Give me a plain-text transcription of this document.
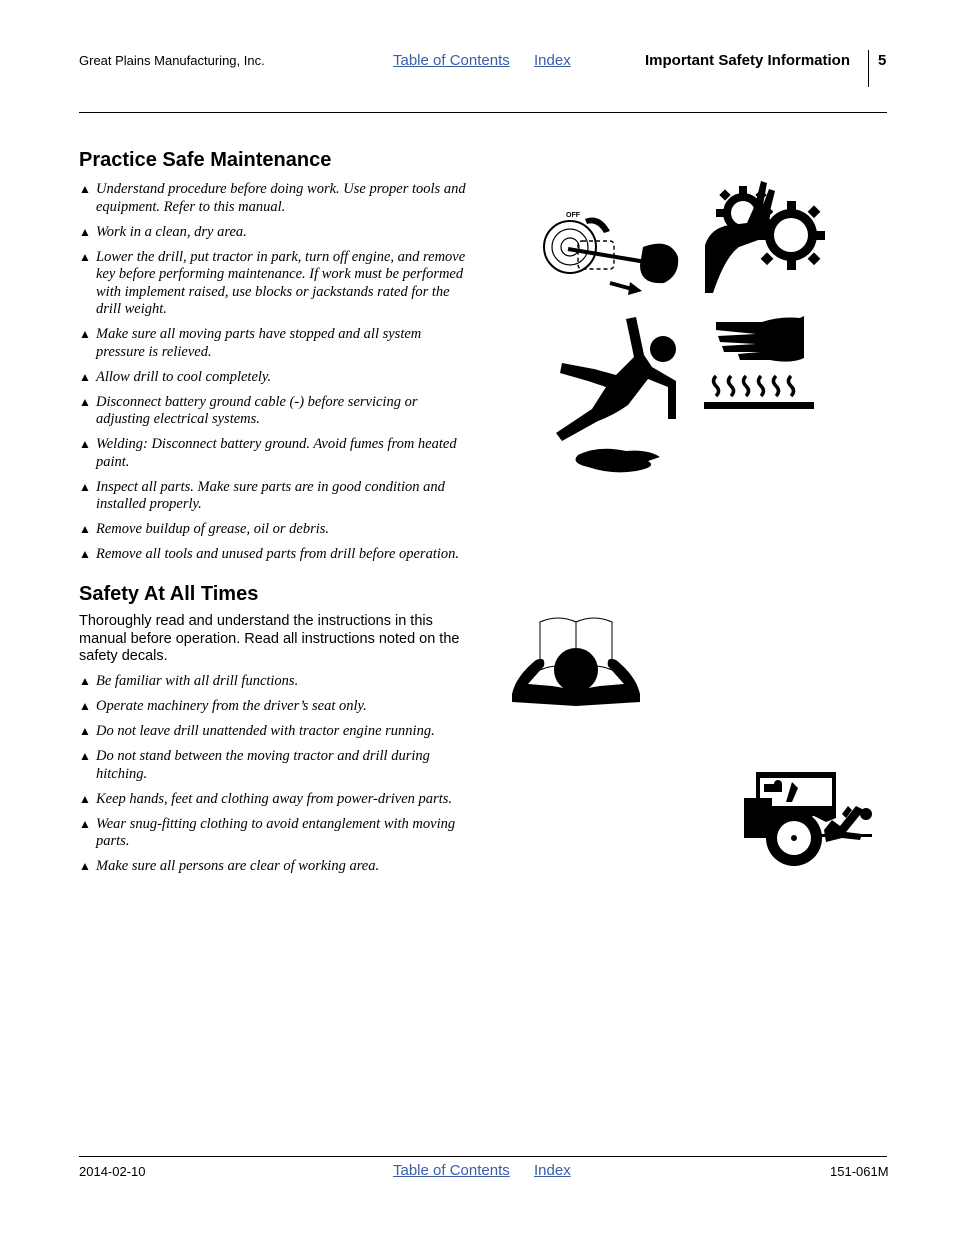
Great Plains Manufacturing, Inc.	Table of Contents Index	Important Safety Information 5
Practice Safe Maintenance
▲ Understand procedure before doing work. Use proper tools and equipment. Refer to this manual.
▲ Work in a clean, dry area.
▲ Lower the drill, put tractor in park, turn off engine, and remove key before performing maintenance. If work must be performed with implement raised, use blocks or jackstands rated for the drill weight.
▲ Make sure all moving parts have stopped and all system pressure is relieved.
▲ Allow drill to cool completely.
▲ Disconnect battery ground cable (-) before servicing or adjusting electrical systems.
▲ Welding: Disconnect battery ground. Avoid fumes from heated paint.
▲ Inspect all parts. Make sure parts are in good condition and installed properly.
▲ Remove buildup of grease, oil or debris.
▲ Remove all tools and unused parts from drill before operation.
Safety At All Times

Thoroughly read and understand the instructions in this manual before operation. Read all instructions noted on the safety decals.

▲ Be familiar with all drill functions.
▲ Operate machinery from the driver’s seat only.
▲ Do not leave drill unattended with tractor engine running.
▲ Do not stand between the moving tractor and drill during hitching.
▲ Keep hands, feet and clothing away from power-driven parts.
▲ Wear snug-fitting clothing to avoid entanglement with moving parts.
▲ Make sure all persons are clear of working area.
OFF
2014-02-10	Table of Contents Index	151-061M
